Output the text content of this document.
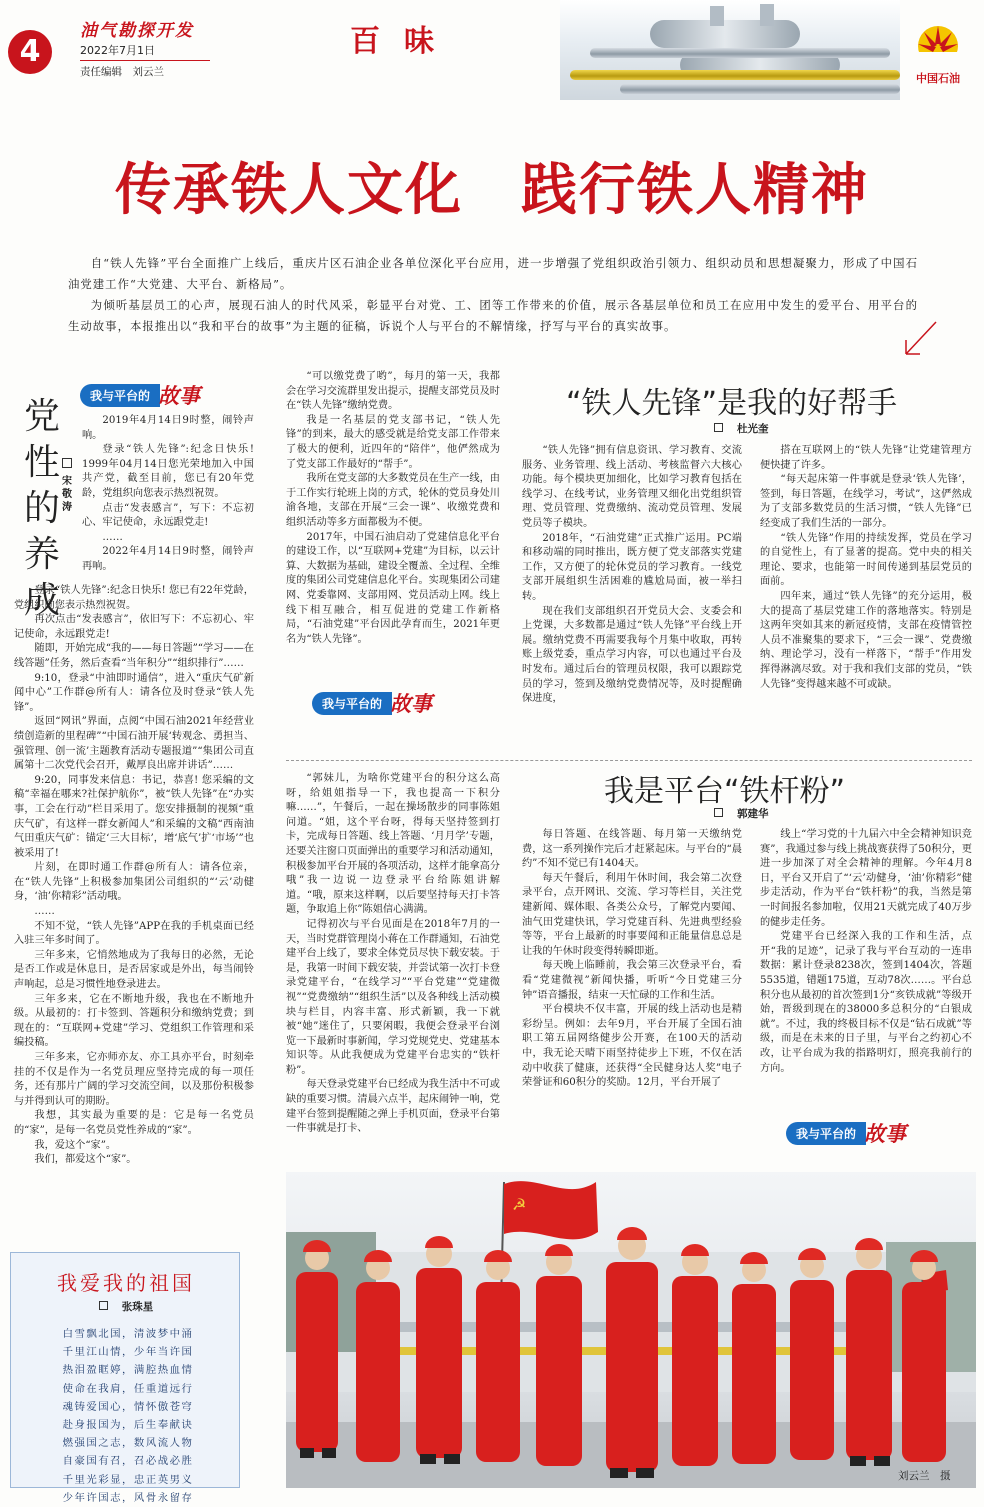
4
油气勘探开发
2022年7月1日
责任编辑　刘云兰
百味
中国石油
传承铁人文化　践行铁人精神

自“铁人先锋”平台全面推广上线后，重庆片区石油企业各单位深化平台应用，进一步增强了党组织政治引领力、组织动员和思想凝聚力，形成了中国石油党建工作“大党建、大平台、新格局”。

为倾听基层员工的心声，展现石油人的时代风采，彰显平台对党、工、团等工作带来的价值，展示各基层单位和员工在应用中发生的爱平台、用平台的生动故事，本报推出以“我和平台的故事”为主题的征稿，诉说个人与平台的不解情缘，抒写与平台的真实故事。

我与平台的 故事
党性的养成
宋敬涛

2019年4月14日9时整，闹铃声响。

登录“铁人先锋”:纪念日快乐! 1999年04月14日您光荣地加入中国共产党，截至目前，您已有20年党龄，党组织向您表示热烈祝贺。

点击“发表感言”，写下：不忘初心、牢记使命，永远跟党走!

……

2022年4月14日9时整，闹铃声再响。

登录“铁人先锋”:纪念日快乐! 您已有22年党龄，党组织向您表示热烈祝贺。

再次点击“发表感言”，依旧写下：不忘初心、牢记使命，永远跟党走!

随即，开始完成“我的——每日答题”“学习——在线答题”任务，然后查看“当年积分”“组织排行”……

9:10，登录“中油即时通信”，进入“重庆气矿新闻中心”工作群@所有人：请各位及时登录“铁人先锋”。

返回“网讯”界面，点阅“中国石油2021年经营业绩创造新的里程碑”“中国石油开展‘转观念、勇担当、强管理、创一流’主题教育活动专题报道”“集团公司直属第十二次党代会召开，戴厚良出席并讲话”……

9:20，同事发来信息：书记，恭喜! 您采编的文稿“幸福在哪来?社保护航你”，被“铁人先锋”在“办实事，工会在行动”栏目采用了。您安排摄制的视频“重庆气矿，有这样一群女新闻人”和采编的文稿“西南油气田重庆气矿：锚定‘三大目标’，增‘底气’扩‘市场’”也被采用了!

片刻，在即时通工作群@所有人：请各位亲，在“铁人先锋”上积极参加集团公司组织的“‘云’动健身，‘油’你精彩”活动哦。

……

不知不觉，“铁人先锋”APP在我的手机桌面已经入驻三年多时间了。

三年多来，它悄然地成为了我每日的必然，无论是否工作或是休息日，是否居家或是外出，每当闹铃声响起，总是习惯性地登录进去。

三年多来，它在不断地升级，我也在不断地升级。从最初的：打卡签到、答题积分和缴纳党费；到现在的：“互联网+党建”学习、党组织工作管理和采编投稿。

三年多来，它亦师亦友、亦工具亦平台，时刻牵挂的不仅是作为一名党员理应坚持完成的每一项任务，还有那片广阔的学习交流空间，以及那份积极参与并得到认可的期盼。

我想，其实最为重要的是：它是每一名党员的“家”，是每一名党员党性养成的“家”。

我，爱这个“家”。

我们，都爱这个“家”。

“可以缴党费了哟”，每月的第一天，我都会在学习交流群里发出提示，提醒支部党员及时在“铁人先锋”缴纳党费。

我是一名基层的党支部书记，“铁人先锋”的到来，最大的感受就是给党支部工作带来了极大的便利，近四年的“陪伴”，他俨然成为了党支部工作最好的“帮手”。

我所在党支部的大多数党员在生产一线，由于工作实行轮班上岗的方式，轮休的党员身处川渝各地，支部在开展“三会一课”、收缴党费和组织活动等多方面都极为不便。

2017年，中国石油启动了党建信息化平台的建设工作，以“互联网+党建”为目标，以云计算、大数据为基础，建设全覆盖、全过程、全维度的集团公司党建信息化平台。实现集团公司建网、党委靠网、支部用网、党员活动上网。线上线下相互融合，相互促进的党建工作新格局，“石油党建”平台因此孕育而生，2021年更名为“铁人先锋”。

我与平台的 故事
“铁人先锋”是我的好帮手
杜光奎

“铁人先锋”拥有信息资讯、学习教育、交流服务、业务管理、线上活动、考核监督六大核心功能。每个模块更加细化，比如学习教育包括在线学习、在线考试，业务管理又细化出党组织管理、党员管理、党费缴纳、流动党员管理、发展党员等子模块。

2018年，“石油党建”正式推广运用。PC端和移动端的同时推出，既方便了党支部落实党建工作，又方便了的轮休党员的学习教育。一线党支部开展组织生活困难的尴尬局面，被一举扫转。

现在我们支部组织召开党员大会、支委会和上党课，大多数都是通过“铁人先锋”平台线上开展。缴纳党费不再需要我每个月集中收取，再转账上级党委，重点学习内容，可以也通过平台及时发布。通过后台的管理员权限，我可以跟踪党员的学习，签到及缴纳党费情况等，及时提醒确保进度，

搭在互联网上的“铁人先锋”让党建管理方便快捷了许多。

“每天起床第一件事就是登录‘铁人先锋’，签到，每日答题，在线学习，考试”，这俨然成为了支部多数党员的生活习惯，“铁人先锋”已经变成了我们生活的一部分。

“铁人先锋”作用的持续发挥，党员在学习的自觉性上，有了显著的提高。党中央的相关理论、要求，也能第一时间传递到基层党员的面前。

四年来，通过“铁人先锋”的充分运用，极大的提高了基层党建工作的落地落实。特别是这两年突如其来的新冠疫情，支部在疫情管控人员不准聚集的要求下，“三会一课”、党费缴纳、理论学习，没有一样落下，“帮手”作用发挥得淋漓尽致。对于我和我们支部的党员，“铁人先锋”变得越来越不可或缺。

我是平台“铁杆粉”
郭建华

“郭妹儿，为啥你党建平台的积分这么高呀，给姐姐指导一下，我也提高一下积分嘛……”，午餐后，一起在操场散步的同事陈姐问道。“姐，这个平台呀，得每天坚持签到打卡，完成每日答题、线上答题、‘月月学’专题，还要关注窗口页面弹出的重要学习和活动通知，积极参加平台开展的各项活动，这样才能拿高分哦”我一边说一边登录平台给陈姐讲解道。“哦，原来这样啊，以后要坚持每天打卡答题，争取追上你”陈姐信心满满。

记得初次与平台见面是在2018年7月的一天，当时党群管理岗小蒋在工作群通知，石油党建平台上线了，要求全体党员尽快下载安装。于是，我第一时间下载安装，并尝试第一次打卡登录党建平台，“在线学习”“平台党建”“党建微视”“党费缴纳”“组织生活”以及各种线上活动模块与栏目，内容丰富、形式新颖，我一下就被“她”迷住了，只要闲暇，我便会登录平台浏览一下最新时事新闻，学习党规党史、党建基本知识等。从此我便成为党建平台忠实的“铁杆粉”。

每天登录党建平台已经成为我生活中不可或缺的重要习惯。清晨六点半，起床闹钟一响，党建平台签到提醒随之弹上手机页面，登录平台第一件事就是打卡、

每日答题、在线答题、每月第一天缴纳党费，这一系列操作完后才赶紧起床。与平台的“晨约”不知不觉已有1404天。

每天午餐后，利用午休时间，我会第二次登录平台，点开网讯、交流、学习等栏目，关注党建新闻、媒体眼、各类公众号，了解党内要闻、油气田党建快讯，学习党建百科、先进典型经验等等，平台上最新的时事要闻和正能量信息总是让我的午休时段变得转瞬即逝。

每天晚上临睡前，我会第三次登录平台，看看“党建微视”新闻快播，听听“今日党建三分钟”语音播报，结束一天忙碌的工作和生活。

平台模块不仅丰富，开展的线上活动也是精彩纷呈。例如：去年9月，平台开展了全国石油职工第五届网络健步公开赛，在100天的活动中，我无论天晴下雨坚持徒步上下班，不仅在活动中收获了健康，还获得“全民健身达人奖”电子荣誉证和60积分的奖励。12月，平台开展了

线上“学习党的十九届六中全会精神知识竞赛”，我通过参与线上挑战赛获得了50积分，更进一步加深了对全会精神的理解。今年4月8日，平台又开启了“‘云’动健身，‘油’你精彩”健步走活动，作为平台“铁杆粉”的我，当然是第一时间报名参加啦，仅用21天就完成了40万步的健步走任务。

党建平台已经深入我的工作和生活，点开“我的足迹”，记录了我与平台互动的一连串数据：累计登录8238次，签到1404次，答题5535道，错题175道，互动78次……。平台总积分也从最初的首次签到1分“亥铁成就”等级开始，晋级到现在的38000多总积分的“白银成就”。不过，我的终极目标不仅是“钻石成就”等级，而是在未来的日子里，与平台之约初心不改，让平台成为我的指路明灯，照亮我前行的方向。

我与平台的 故事
我爱我的祖国
张珠星
白雪飘北国，清波梦中涌
千里江山情，少年当许国
热泪盈眶婷，满腔热血情
使命在我肩，任重道远行
魂铸爱国心，情怀傲苍穹
赴身报国为，后生奉献诀
燃强国之志，数风流人物
自豪国有召，召必战必胜
千里光彩显，忠正英男义
少年许国志，风骨永留存
☭
刘云兰　摄
